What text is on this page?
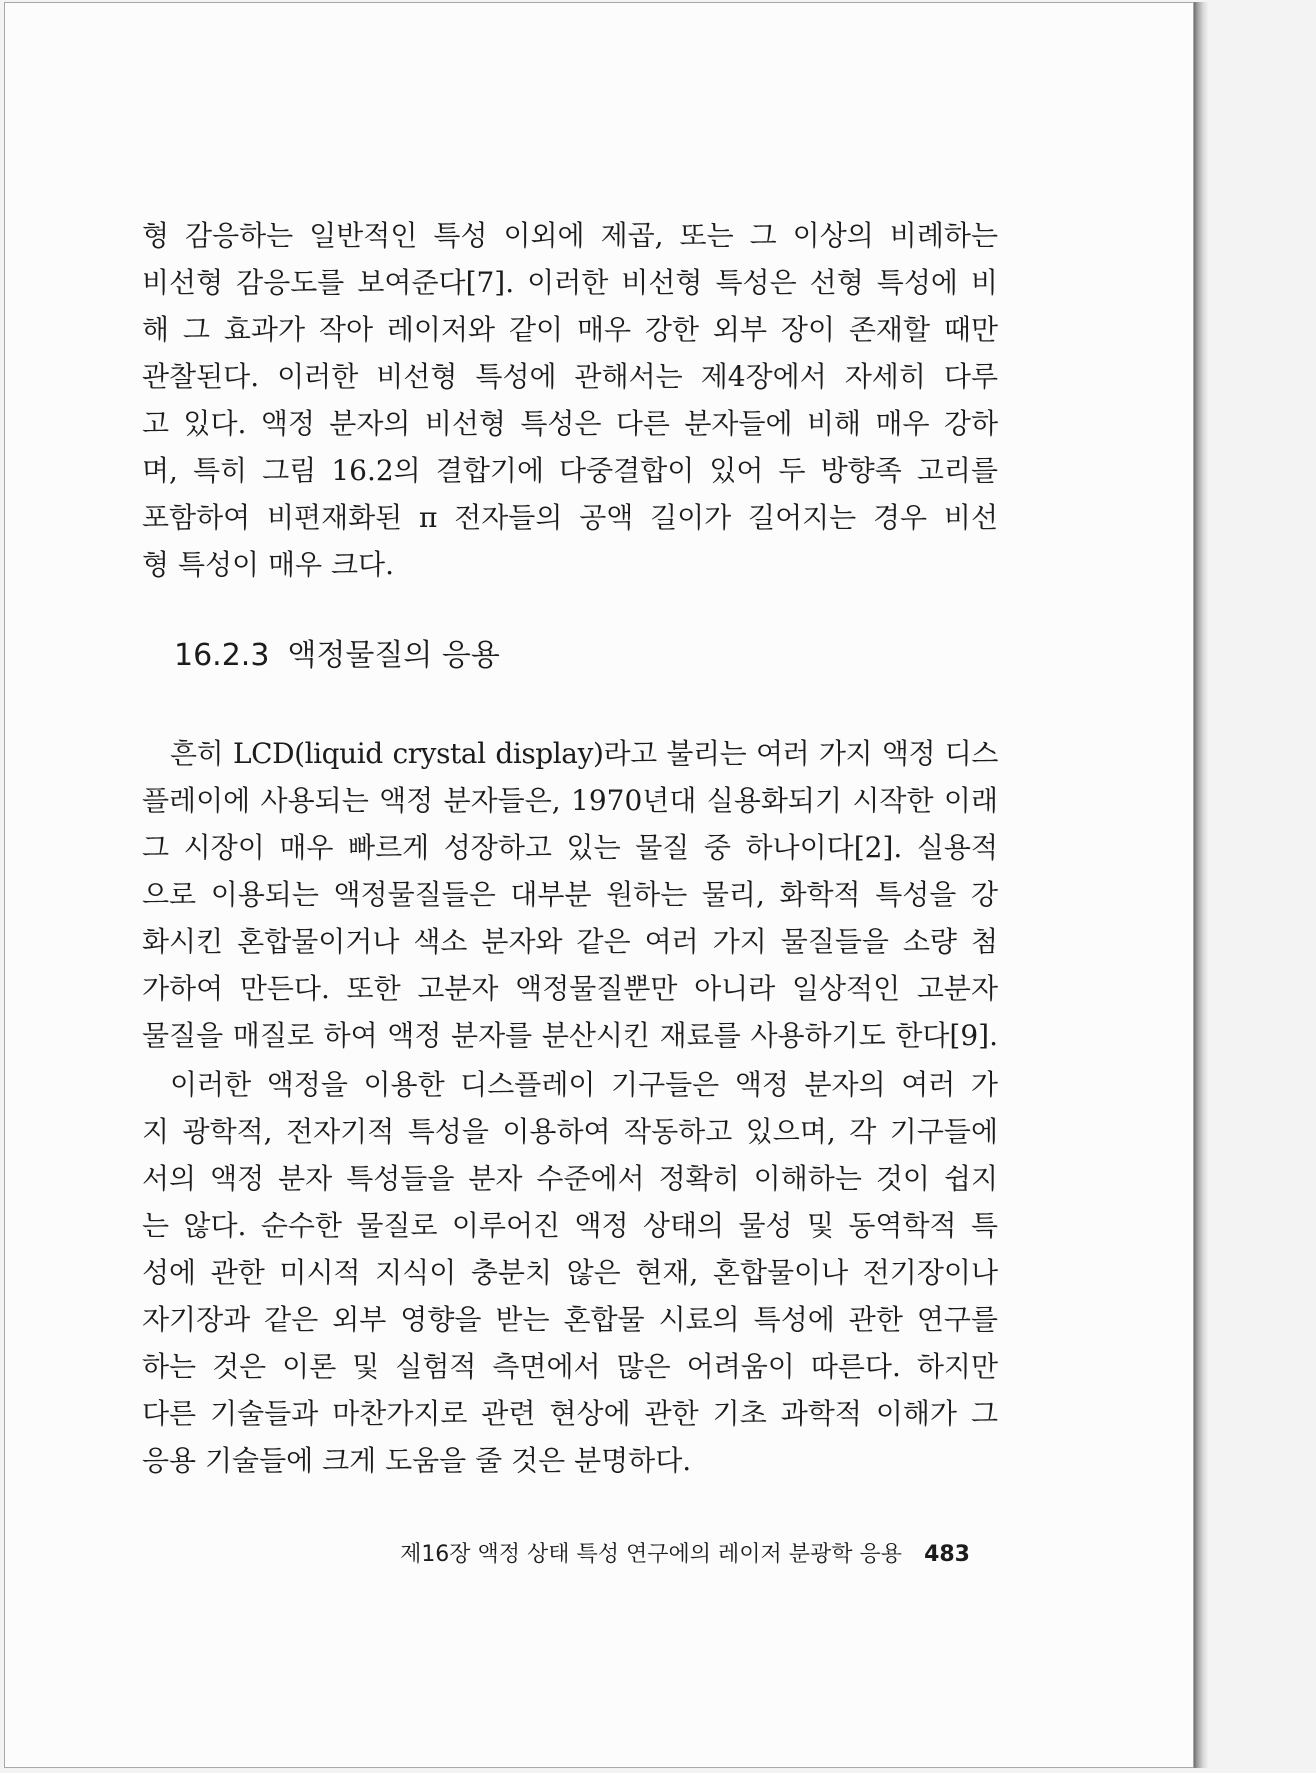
형 감응하는 일반적인 특성 이외에 제곱, 또는 그 이상의 비례하는
비선형 감응도를 보여준다[7]. 이러한 비선형 특성은 선형 특성에 비
해 그 효과가 작아 레이저와 같이 매우 강한 외부 장이 존재할 때만
관찰된다. 이러한 비선형 특성에 관해서는 제4장에서 자세히 다루
고 있다. 액정 분자의 비선형 특성은 다른 분자들에 비해 매우 강하
며, 특히 그림 16.2의 결합기에 다중결합이 있어 두 방향족 고리를
포함하여 비편재화된 π 전자들의 공액 길이가 길어지는 경우 비선
형 특성이 매우 크다.
16.2.3 액정물질의 응용
흔히 LCD(liquid crystal display)라고 불리는 여러 가지 액정 디스
플레이에 사용되는 액정 분자들은, 1970년대 실용화되기 시작한 이래
그 시장이 매우 빠르게 성장하고 있는 물질 중 하나이다[2]. 실용적
으로 이용되는 액정물질들은 대부분 원하는 물리, 화학적 특성을 강
화시킨 혼합물이거나 색소 분자와 같은 여러 가지 물질들을 소량 첨
가하여 만든다. 또한 고분자 액정물질뿐만 아니라 일상적인 고분자
물질을 매질로 하여 액정 분자를 분산시킨 재료를 사용하기도 한다[9].
이러한 액정을 이용한 디스플레이 기구들은 액정 분자의 여러 가
지 광학적, 전자기적 특성을 이용하여 작동하고 있으며, 각 기구들에
서의 액정 분자 특성들을 분자 수준에서 정확히 이해하는 것이 쉽지
는 않다. 순수한 물질로 이루어진 액정 상태의 물성 및 동역학적 특
성에 관한 미시적 지식이 충분치 않은 현재, 혼합물이나 전기장이나
자기장과 같은 외부 영향을 받는 혼합물 시료의 특성에 관한 연구를
하는 것은 이론 및 실험적 측면에서 많은 어려움이 따른다. 하지만
다른 기술들과 마찬가지로 관련 현상에 관한 기초 과학적 이해가 그
응용 기술들에 크게 도움을 줄 것은 분명하다.
제16장 액정 상태 특성 연구에의 레이저 분광학 응용 483
